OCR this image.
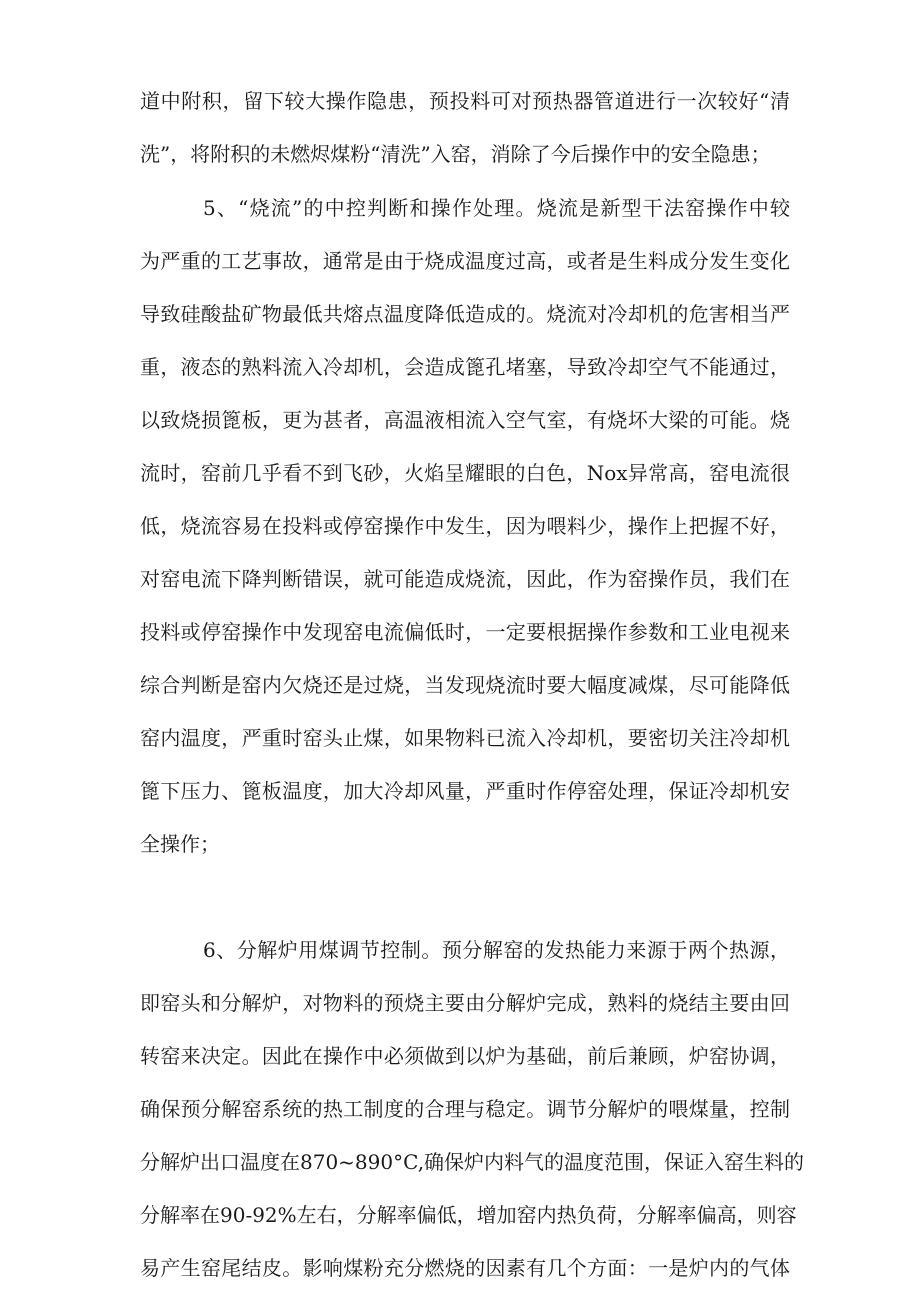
道中附积，留下较大操作隐患，预投料可对预热器管道进行一次较好“清
洗”，将附积的未燃烬煤粉“清洗”入窑，消除了今后操作中的安全隐患；
5、“烧流”的中控判断和操作处理。烧流是新型干法窑操作中较
为严重的工艺事故，通常是由于烧成温度过高，或者是生料成分发生变化
导致硅酸盐矿物最低共熔点温度降低造成的。烧流对冷却机的危害相当严
重，液态的熟料流入冷却机，会造成篦孔堵塞，导致冷却空气不能通过，
以致烧损篦板，更为甚者，高温液相流入空气室，有烧坏大梁的可能。烧
流时，窑前几乎看不到飞砂，火焰呈耀眼的白色，Nox异常高，窑电流很
低，烧流容易在投料或停窑操作中发生，因为喂料少，操作上把握不好，
对窑电流下降判断错误，就可能造成烧流，因此，作为窑操作员，我们在
投料或停窑操作中发现窑电流偏低时，一定要根据操作参数和工业电视来
综合判断是窑内欠烧还是过烧，当发现烧流时要大幅度减煤，尽可能降低
窑内温度，严重时窑头止煤，如果物料已流入冷却机，要密切关注冷却机
篦下压力、篦板温度，加大冷却风量，严重时作停窑处理，保证冷却机安
全操作；
6、分解炉用煤调节控制。预分解窑的发热能力来源于两个热源，
即窑头和分解炉，对物料的预烧主要由分解炉完成，熟料的烧结主要由回
转窑来决定。因此在操作中必须做到以炉为基础，前后兼顾，炉窑协调，
确保预分解窑系统的热工制度的合理与稳定。调节分解炉的喂煤量，控制
分解炉出口温度在870~890°C,确保炉内料气的温度范围，保证入窑生料的
分解率在90-92%左右，分解率偏低，增加窑内热负荷，分解率偏高，则容
易产生窑尾结皮。影响煤粉充分燃烧的因素有几个方面：一是炉内的气体
